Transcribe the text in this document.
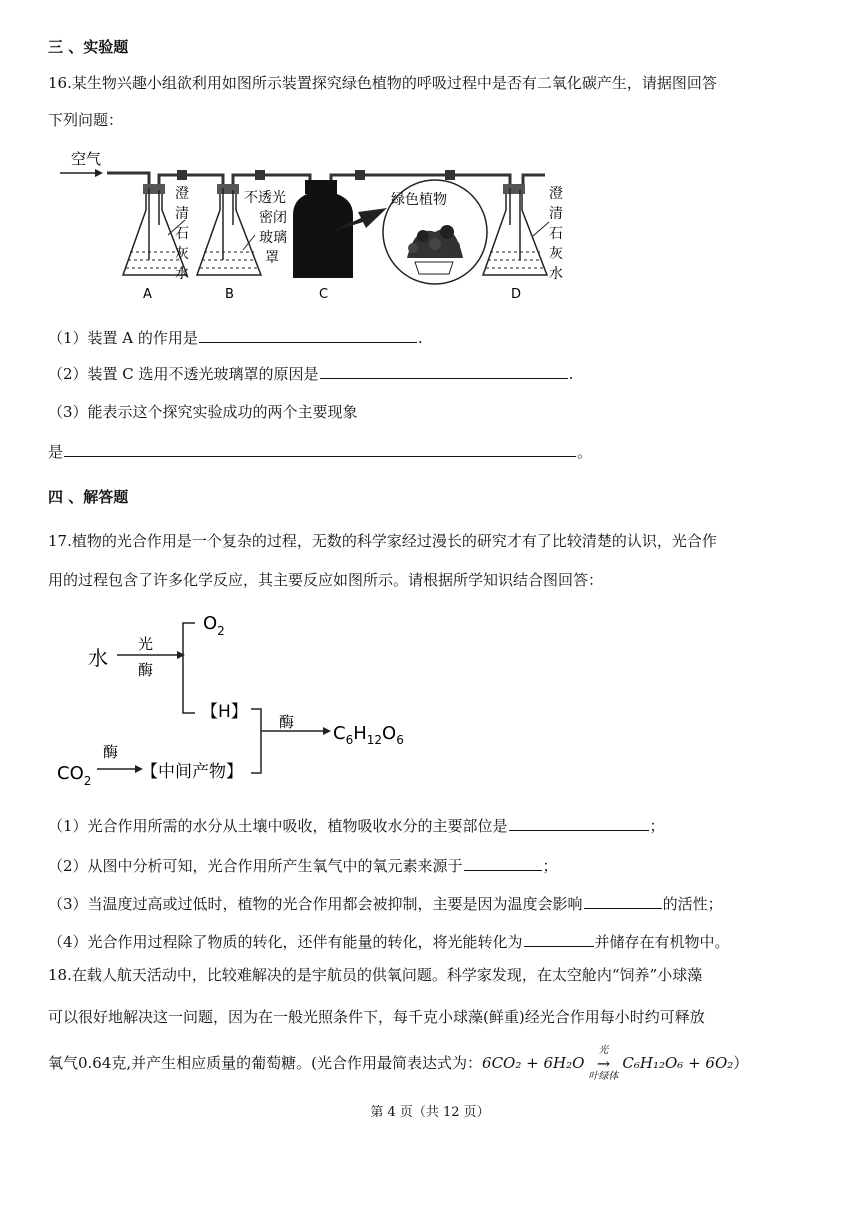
三 、实验题
16.某生物兴趣小组欲利用如图所示装置探究绿色植物的呼吸过程中是否有二氧化碳产生，请据图回答
下列问题：
空气
澄
清
石
灰
水
不透光
密闭
玻璃
罩
绿色植物	澄
清
石
灰
水
A	B	C	D
（1）装置 A 的作用是	.
（2）装置 C 选用不透光玻璃罩的原因是	.
（3）能表示这个探究实验成功的两个主要现象
是	。
四 、解答题
17.植物的光合作用是一个复杂的过程，无数的科学家经过漫长的研究才有了比较清楚的认识，光合作
用的过程包含了许多化学反应，其主要反应如图所示。请根据所学知识结合图回答：
水
光
酶
$O_2$
【H】 酶
$C_6H_{12}O_6$
$CO_2$
酶
【中间产物】
（1）光合作用所需的水分从土壤中吸收，植物吸收水分的主要部位是	；
（2）从图中分析可知，光合作用所产生氧气中的氧元素来源于	；
（3）当温度过高或过低时，植物的光合作用都会被抑制，主要是因为温度会影响	的活性；
（4）光合作用过程除了物质的转化，还伴有能量的转化，将光能转化为	并储存在有机物中。
18.在载人航天活动中，比较难解决的是宇航员的供氧问题。科学家发现，在太空舱内“饲养”小球藻
可以很好地解决这一问题，因为在一般光照条件下，每千克小球藻(鲜重)经光合作用每小时约可释放
氧气0.64克,并产生相应质量的葡萄糖。(光合作用最简表达式为：6CO₂ + 6H₂O
光
→
叶绿体
C₆H₁₂O₆ + 6O₂）
第 4 页（共 12 页）
